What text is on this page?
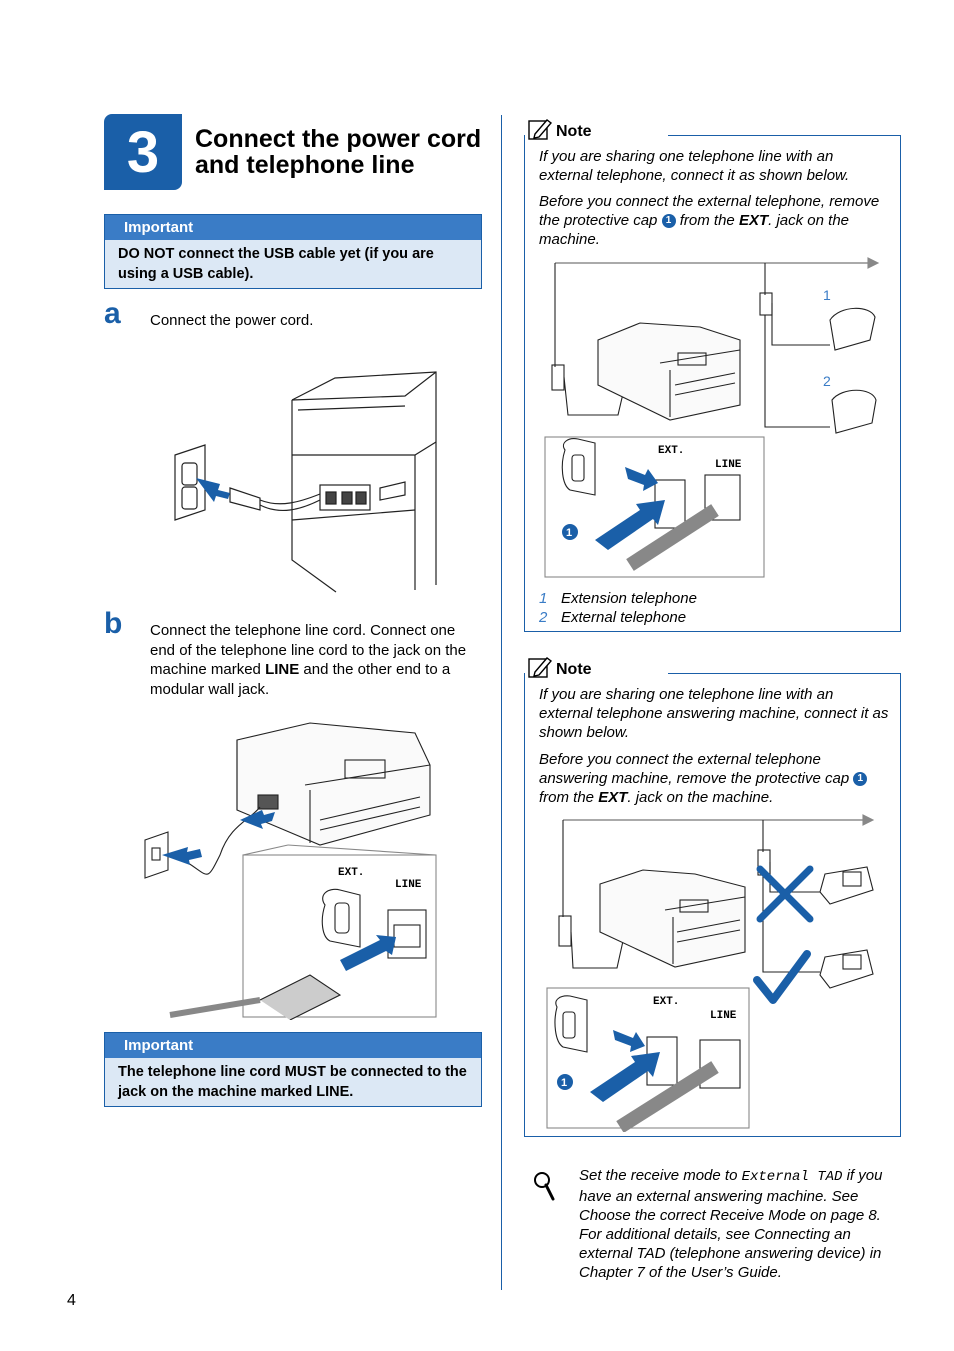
3	Connect the power cord and telephone line
Important
DO NOT connect the USB cable yet (if you are using a USB cable).
a Connect the power cord.
b Connect the telephone line cord. Connect one end of the telephone line cord to the jack on the machine marked LINE and the other end to a modular wall jack.
EXT.
LINE
Important
The telephone line cord MUST be connected to the jack on the machine marked LINE.
Note
If you are sharing one telephone line with an external telephone, connect it as shown below.
Before you connect the external telephone, remove the protective cap 1 from the EXT. jack on the machine.
1
EXT.
LINE
1
2
1 Extension telephone
2 External telephone
Note
If you are sharing one telephone line with an external telephone answering machine, connect it as shown below.
Before you connect the external telephone answering machine, remove the protective cap 1 from the EXT. jack on the machine.
1
EXT.
LINE
Set the receive mode to External TAD if you have an external answering machine. See Choose the correct Receive Mode on page 8. For additional details, see Connecting an external TAD (telephone answering device) in Chapter 7 of the User’s Guide.
4
